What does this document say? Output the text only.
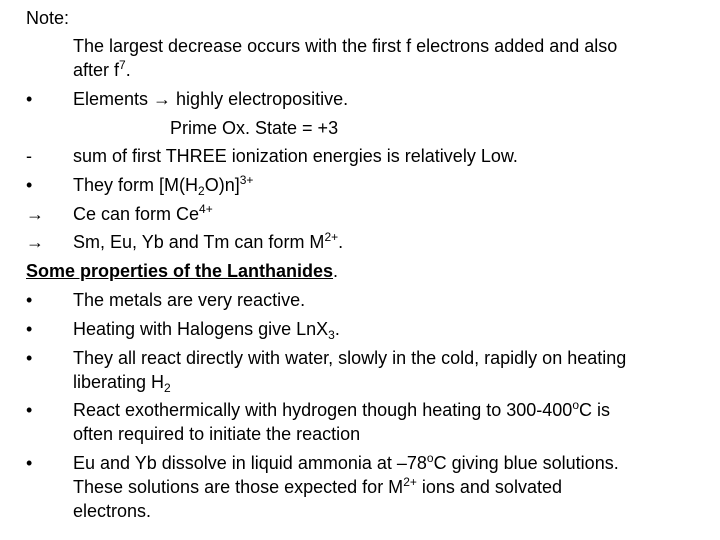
Note:
The largest decrease occurs with the first f electrons added and also
after $f^7$.
• Elements → highly electropositive.
Prime Ox. State = +3
- sum of first THREE ionization energies is relatively Low.
• They form $[M(H_2O)n]^{3+}$
→ Ce can form $Ce^{4+}$
→ Sm, Eu, Yb and Tm can form $M^{2+}$.
Some properties of the Lanthanides.
• The metals are very reactive.
• Heating with Halogens give LnX$_3$.
• They all react directly with water, slowly in the cold, rapidly on heating
liberating $H_2$
• React exothermically with hydrogen though heating to 300-400$^o$C is
often required to initiate the reaction
• Eu and Yb dissolve in liquid ammonia at –78$^o$C giving blue solutions.
These solutions are those expected for $M^{2+}$ ions and solvated
electrons.
